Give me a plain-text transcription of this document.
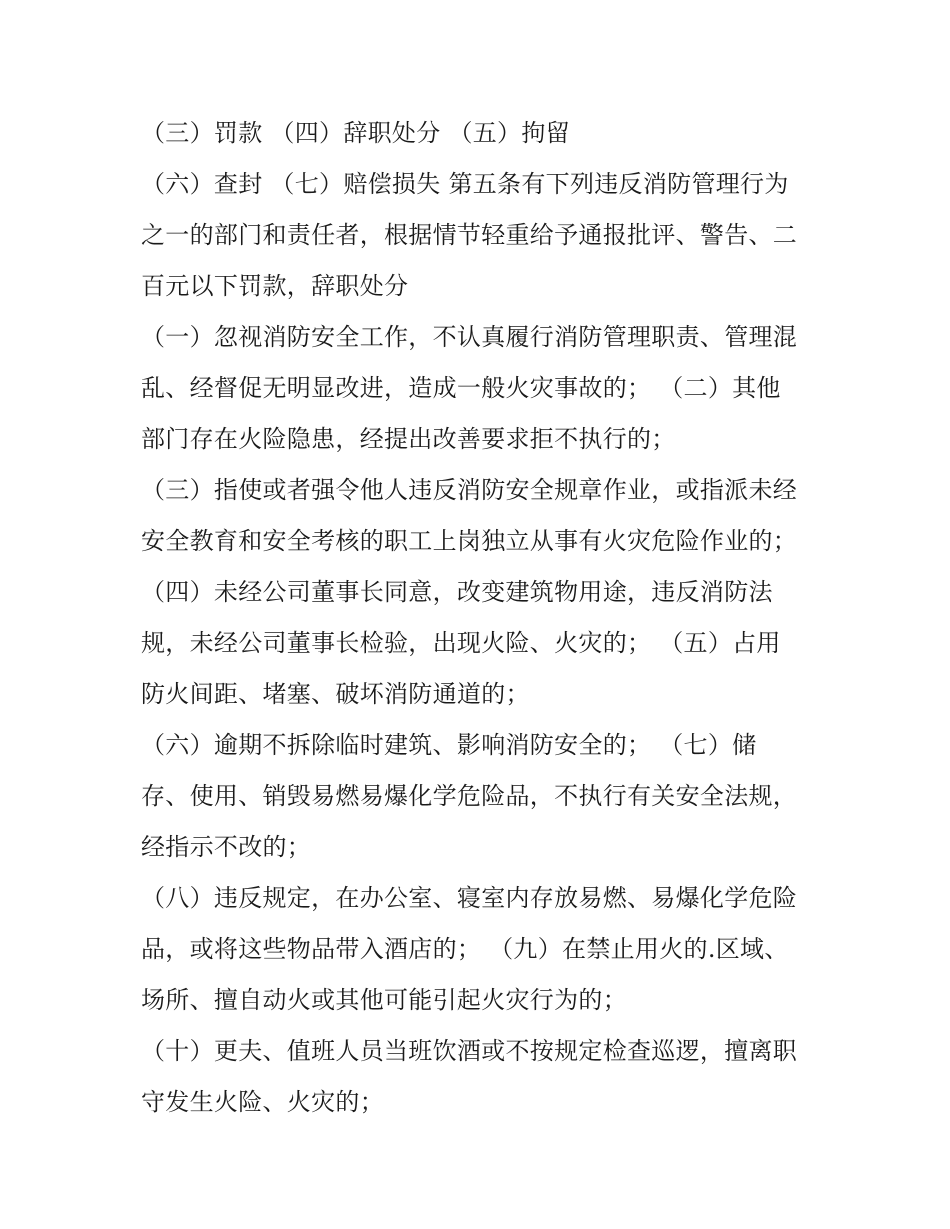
（三）罚款 （四）辞职处分 （五）拘留
（六）查封 （七）赔偿损失 第五条有下列违反消防管理行为
之一的部门和责任者，根据情节轻重给予通报批评、警告、二
百元以下罚款，辞职处分
（一）忽视消防安全工作，不认真履行消防管理职责、管理混
乱、经督促无明显改进，造成一般火灾事故的； （二）其他
部门存在火险隐患，经提出改善要求拒不执行的；
（三）指使或者强令他人违反消防安全规章作业，或指派未经
安全教育和安全考核的职工上岗独立从事有火灾危险作业的；
（四）未经公司董事长同意，改变建筑物用途，违反消防法
规，未经公司董事长检验，出现火险、火灾的； （五）占用
防火间距、堵塞、破坏消防通道的；
（六）逾期不拆除临时建筑、影响消防安全的； （七）储
存、使用、销毁易燃易爆化学危险品，不执行有关安全法规，
经指示不改的；
（八）违反规定，在办公室、寝室内存放易燃、易爆化学危险
品，或将这些物品带入酒店的； （九）在禁止用火的.区域、
场所、擅自动火或其他可能引起火灾行为的；
（十）更夫、值班人员当班饮酒或不按规定检查巡逻，擅离职
守发生火险、火灾的；
